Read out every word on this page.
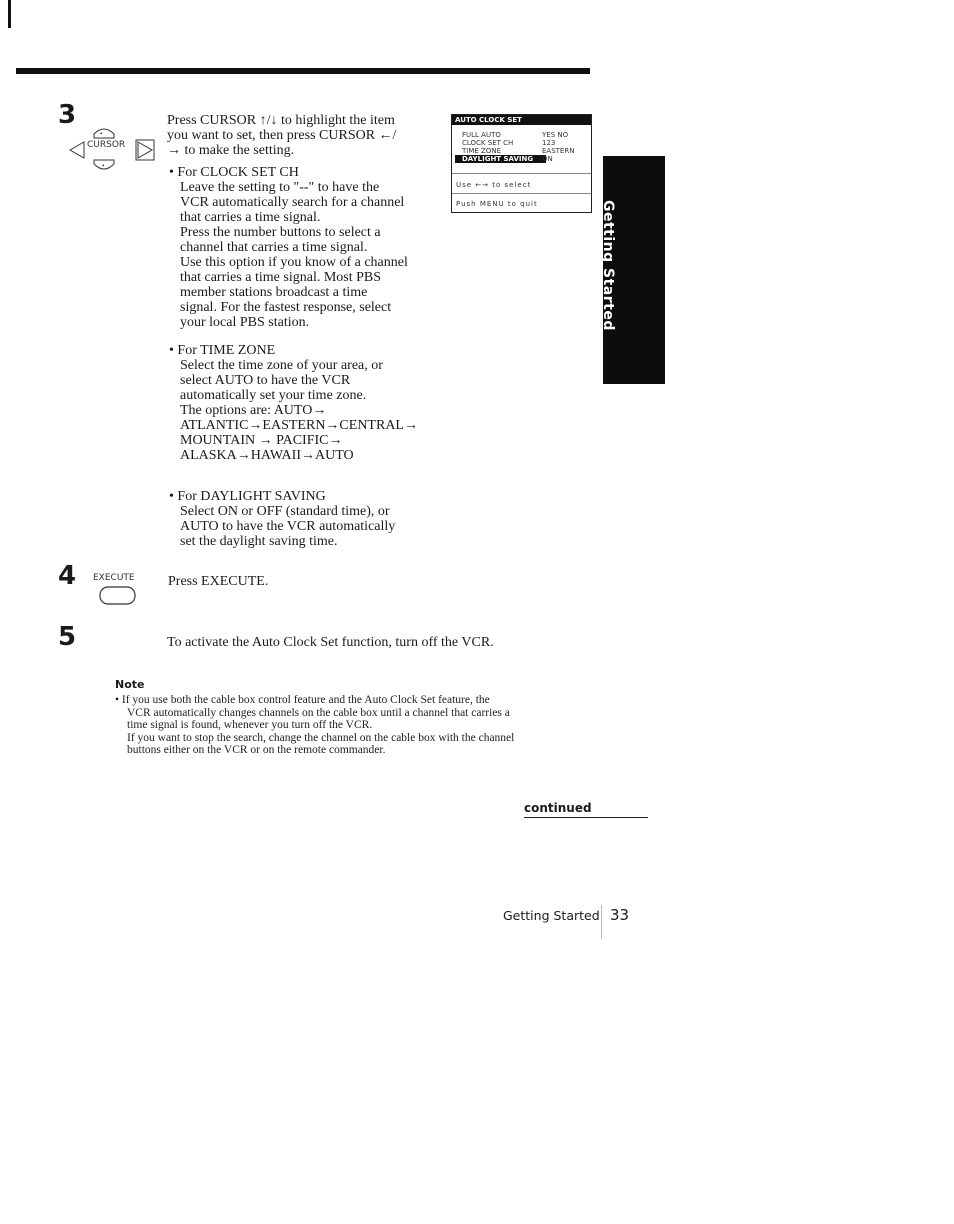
Getting Started
3
•
•
CURSOR
Press CURSOR ↑/↓ to highlight the item
you want to set, then press CURSOR ←/
→ to make the setting.
• For CLOCK SET CH
Leave the setting to "--" to have the
VCR automatically search for a channel
that carries a time signal.
Press the number buttons to select a
channel that carries a time signal.
Use this option if you know of a channel
that carries a time signal. Most PBS
member stations broadcast a time
signal. For the fastest response, select
your local PBS station.
• For TIME ZONE
Select the time zone of your area, or
select AUTO to have the VCR
automatically set your time zone.
The options are: AUTO→
ATLANTIC→EASTERN→CENTRAL→
MOUNTAIN → PACIFIC→
ALASKA→HAWAII→AUTO
• For DAYLIGHT SAVING
Select ON or OFF (standard time), or
AUTO to have the VCR automatically
set the daylight saving time.
AUTO CLOCK SET
FULL AUTO	YES NO
CLOCK SET CH	123
TIME ZONE	EASTERN
DAYLIGHT SAVING	ON
Use ←→ to select
Push MENU to quit
4 EXECUTE Press EXECUTE.
5	To activate the Auto Clock Set function, turn off the VCR.
Note
• If you use both the cable box control feature and the Auto Clock Set feature, the
VCR automatically changes channels on the cable box until a channel that carries a
time signal is found, whenever you turn off the VCR.
If you want to stop the search, change the channel on the cable box with the channel
buttons either on the VCR or on the remote commander.
continued
Getting Started 33
